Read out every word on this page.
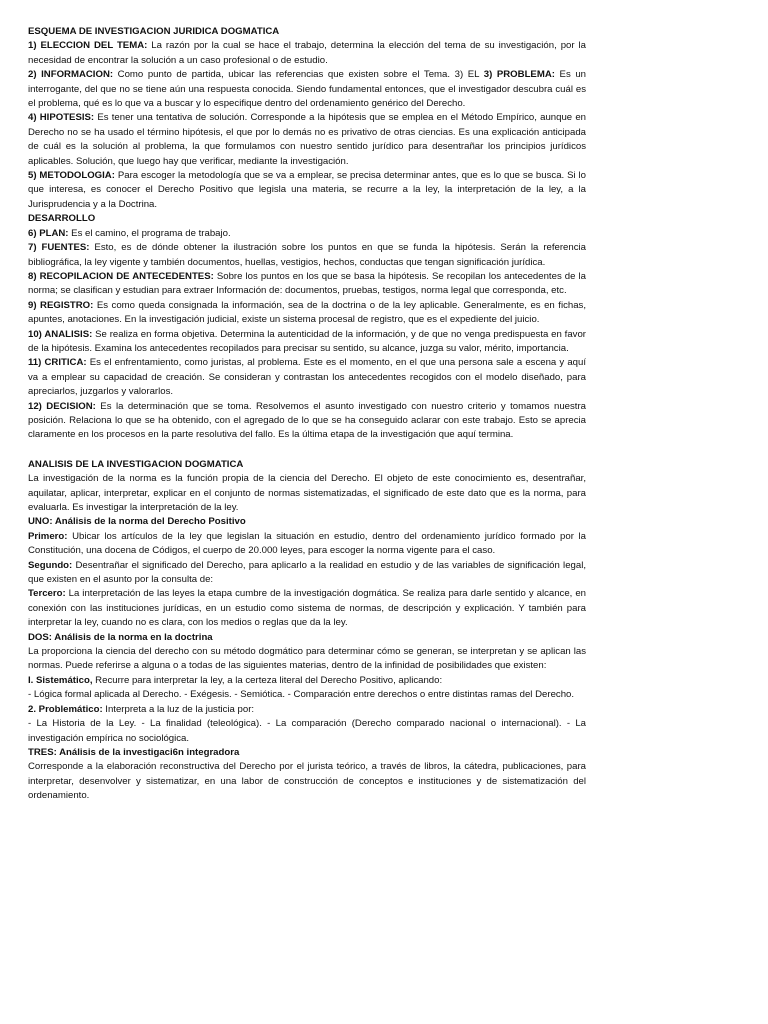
ESQUEMA DE INVESTIGACION JURIDICA DOGMATICA

1) ELECCION DEL TEMA: La razón por la cual se hace el trabajo, determina la elección del tema de su investigación, por la necesidad de encontrar la solución a un caso profesional o de estudio.

2) INFORMACION: Como punto de partida, ubicar las referencias que existen sobre el Tema. 3) EL 3) PROBLEMA: Es un interrogante, del que no se tiene aún una respuesta conocida. Siendo fundamental entonces, que el investigador descubra cuál es el problema, qué es lo que va a buscar y lo especifique dentro del ordenamiento genérico del Derecho.

4) HIPOTESIS: Es tener una tentativa de solución. Corresponde a la hipótesis que se emplea en el Método Empírico, aunque en Derecho no se ha usado el término hipótesis, el que por lo demás no es privativo de otras ciencias. Es una explicación anticipada de cuál es la solución al problema, la que formulamos con nuestro sentido jurídico para desentrañar los principios jurídicos aplicables. Solución, que luego hay que verificar, mediante la investigación.

5) METODOLOGIA: Para escoger la metodología que se va a emplear, se precisa determinar antes, que es lo que se busca. Si lo que interesa, es conocer el Derecho Positivo que legisla una materia, se recurre a la ley, la interpretación de la ley, a la Jurisprudencia y a la Doctrina.

DESARROLLO

6) PLAN: Es el camino, el programa de trabajo.

7) FUENTES: Esto, es de dónde obtener la ilustración sobre los puntos en que se funda la hipótesis. Serán la referencia bibliográfica, la ley vigente y también documentos, huellas, vestigios, hechos, conductas que tengan significación jurídica.

8) RECOPILACION DE ANTECEDENTES: Sobre los puntos en los que se basa la hipótesis. Se recopilan los antecedentes de la norma; se clasifican y estudian para extraer Información de: documentos, pruebas, testigos, norma legal que corresponda, etc.

9) REGISTRO: Es como queda consignada la información, sea de la doctrina o de la ley aplicable. Generalmente, es en fichas, apuntes, anotaciones. En la investigación judicial, existe un sistema procesal de registro, que es el expediente del juicio.

10) ANALISIS: Se realiza en forma objetiva. Determina la autenticidad de la información, y de que no venga predispuesta en favor de la hipótesis. Examina los antecedentes recopilados para precisar su sentido, su alcance, juzga su valor, mérito, importancia.

11) CRITICA: Es el enfrentamiento, como juristas, al problema. Este es el momento, en el que una persona sale a escena y aquí va a emplear su capacidad de creación. Se consideran y contrastan los antecedentes recogidos con el modelo diseñado, para apreciarlos, juzgarlos y valorarlos.

12) DECISION: Es la determinación que se toma. Resolvemos el asunto investigado con nuestro criterio y tomamos nuestra posición. Relaciona lo que se ha obtenido, con el agregado de lo que se ha conseguido aclarar con este trabajo. Esto se aprecia claramente en los procesos en la parte resolutiva del fallo. Es la última etapa de la investigación que aquí termina.

ANALISIS DE LA INVESTIGACION DOGMATICA

La investigación de la norma es la función propia de la ciencia del Derecho. El objeto de este conocimiento es, desentrañar, aquilatar, aplicar, interpretar, explicar en el conjunto de normas sistematizadas, el significado de este dato que es la norma, para evaluarla. Es investigar la interpretación de la ley.

UNO: Análisis de la norma del Derecho Positivo

Primero: Ubicar los artículos de la ley que legislan la situación en estudio, dentro del ordenamiento jurídico formado por la Constitución, una docena de Códigos, el cuerpo de 20.000 leyes, para escoger la norma vigente para el caso.

Segundo: Desentrañar el significado del Derecho, para aplicarlo a la realidad en estudio y de las variables de significación legal, que existen en el asunto por la consulta de:

Tercero: La interpretación de las leyes la etapa cumbre de la investigación dogmática. Se realiza para darle sentido y alcance, en conexión con las instituciones jurídicas, en un estudio como sistema de normas, de descripción y explicación. Y también para interpretar la ley, cuando no es clara, con los medios o reglas que da la ley.

DOS: Análisis de la norma en la doctrina

La proporciona la ciencia del derecho con su método dogmático para determinar cómo se generan, se interpretan y se aplican las normas. Puede referirse a alguna o a todas de las siguientes materias, dentro de la infinidad de posibilidades que existen:

I. Sistemático, Recurre para interpretar la ley, a la certeza literal del Derecho Positivo, aplicando:

- Lógica formal aplicada al Derecho. - Exégesis. - Semiótica. - Comparación entre derechos o entre distintas ramas del Derecho.

2. Problemático: Interpreta a la luz de la justicia por:

- La Historia de la Ley. - La finalidad (teleológica). - La comparación (Derecho comparado nacional o internacional). - La investigación empírica no sociológica.

TRES: Análisis de la investigaci6n integradora

Corresponde a la elaboración reconstructiva del Derecho por el jurista teórico, a través de libros, la cátedra, publicaciones, para interpretar, desenvolver y sistematizar, en una labor de construcción de conceptos e instituciones y de sistematización del ordenamiento.
